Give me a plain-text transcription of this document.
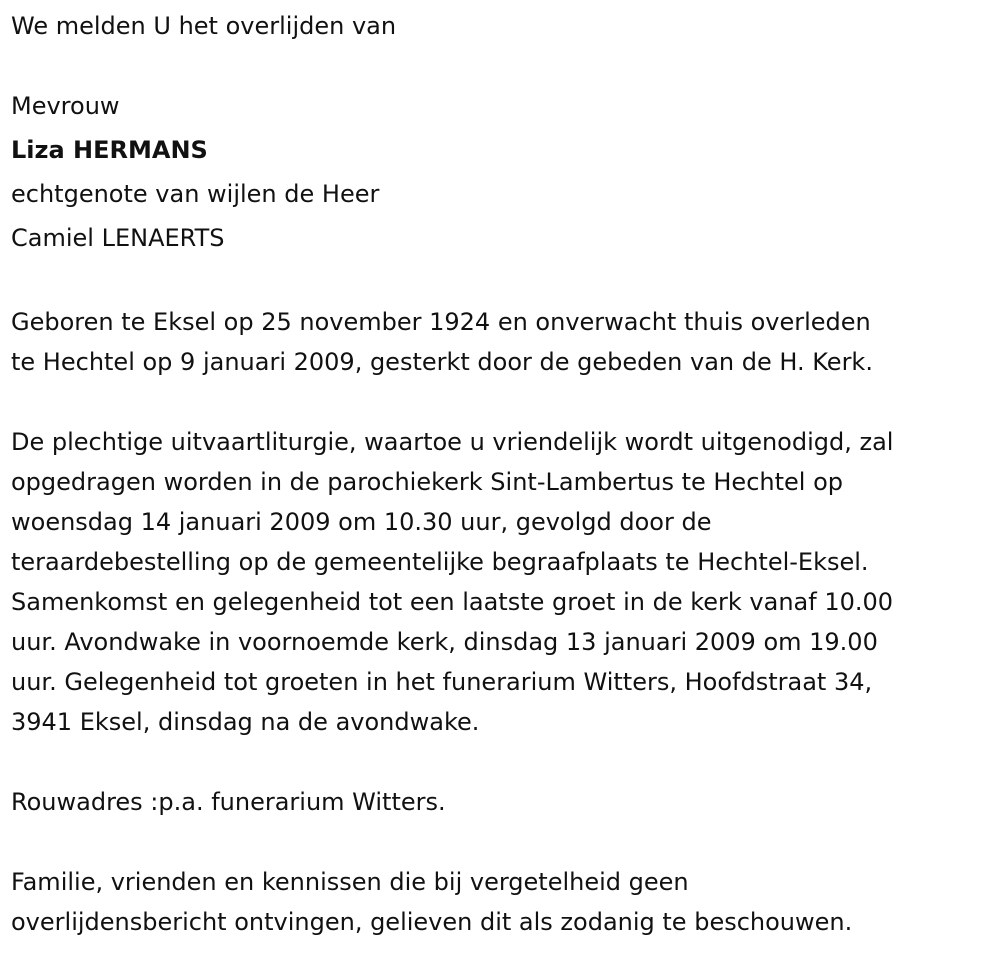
We melden U het overlijden van
Mevrouw
Liza HERMANS
echtgenote van wijlen de Heer
Camiel LENAERTS
Geboren te Eksel op 25 november 1924 en onverwacht thuis overleden
te Hechtel op 9 januari 2009, gesterkt door de gebeden van de H. Kerk.
De plechtige uitvaartliturgie, waartoe u vriendelijk wordt uitgenodigd, zal
opgedragen worden in de parochiekerk Sint-Lambertus te Hechtel op
woensdag 14 januari 2009 om 10.30 uur, gevolgd door de
teraardebestelling op de gemeentelijke begraafplaats te Hechtel-Eksel.
Samenkomst en gelegenheid tot een laatste groet in de kerk vanaf 10.00
uur. Avondwake in voornoemde kerk, dinsdag 13 januari 2009 om 19.00
uur. Gelegenheid tot groeten in het funerarium Witters, Hoofdstraat 34,
3941 Eksel, dinsdag na de avondwake.
Rouwadres :p.a. funerarium Witters.
Familie, vrienden en kennissen die bij vergetelheid geen
overlijdensbericht ontvingen, gelieven dit als zodanig te beschouwen.
